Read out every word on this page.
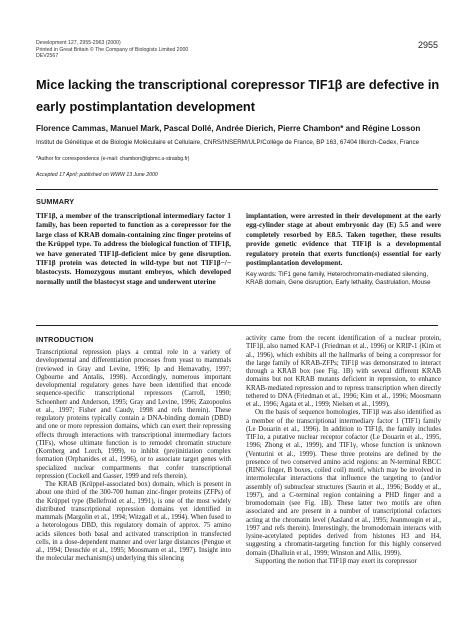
Development 127, 2955-2963 (2000)
Printed in Great Britain © The Company of Biologists Limited 2000
DEV2567
2955
Mice lacking the transcriptional corepressor TIF1β are defective in early postimplantation development
Florence Cammas, Manuel Mark, Pascal Dollé, Andrée Dierich, Pierre Chambon* and Régine Losson
Institut de Génétique et de Biologie Moléculaire et Cellulaire, CNRS/INSERM/ULP/Collège de France, BP 163, 67404 Illkirch-Cedex, France
*Author for correspondence (e-mail: chambon@igbmc.u-strasbg.fr)
Accepted 17 April; published on WWW 13 June 2000
SUMMARY
TIF1β, a member of the transcriptional intermediary factor 1 family, has been reported to function as a corepressor for the large class of KRAB domain-containing zinc finger proteins of the Krüppel type. To address the biological function of TIF1β, we have generated TIF1β-deficient mice by gene disruption. TIF1β protein was detected in wild-type but not TIF1β−/− blastocysts. Homozygous mutant embryos, which developed normally until the blastocyst stage and underwent uterine
implantation, were arrested in their development at the early egg-cylinder stage at about embryonic day (E) 5.5 and were completely resorbed by E8.5. Taken together, these results provide genetic evidence that TIF1β is a developmental regulatory protein that exerts function(s) essential for early postimplantation development.
Key words: TIF1 gene family, Heterochromatin-mediated silencing, KRAB domain, Gene disruption, Early lethality, Gastrulation, Mouse
INTRODUCTION

Transcriptional repression plays a central role in a variety of developmental and differentiation processes from yeast to mammals (reviewed in Gray and Levine, 1996; Ip and Hemavathy, 1997; Ogbourne and Antalis, 1998). Accordingly, numerous important developmental regulatory genes have been identified that encode sequence-specific transcriptional repressors (Carroll, 1990; Schoenherr and Anderson, 1995; Gray and Levine, 1996; Zazopoulos et al., 1997; Fisher and Caudy, 1998 and refs therein). These regulatory proteins typically contain a DNA-binding domain (DBD) and one or more repression domains, which can exert their repressing effects through interactions with transcriptional intermediary factors (TIFs), whose ultimate function is to remodel chromatin structure (Kornberg and Lorch, 1999), to inhibit (pre)initiation complex formation (Orphanides et al., 1996), or to associate target genes with specialized nuclear compartments that confer transcriptional repression (Cockell and Gasser, 1999 and refs therein).

The KRAB (Krüppel-associated box) domain, which is present in about one third of the 300-700 human zinc-finger proteins (ZFPs) of the Krüppel type (Bellefroid et al., 1991), is one of the most widely distributed transcriptional repression domains yet identified in mammals (Margolin et al., 1994; Witzgall et al., 1994). When fused to a heterologous DBD, this regulatory domain of approx. 75 amino acids silences both basal and activated transcription in transfected cells, in a dose-dependent manner and over large distances (Pengue et al., 1994; Deuschle et al., 1995; Moosmann et al., 1997). Insight into the molecular mechanism(s) underlying this silencing

activity came from the recent identification of a nuclear protein, TIF1β, also named KAP-1 (Friedman et al., 1996) or KRIP-1 (Kim et al., 1996), which exhibits all the hallmarks of being a corepressor for the large family of KRAB-ZFPs; TIF1β was demonstrated to interact through a KRAB box (see Fig. 1B) with several different KRAB domains but not KRAB mutants deficient in repression, to enhance KRAB-mediated repression and to repress transcription when directly tethered to DNA (Friedman et al., 1996; Kim et al., 1996; Moosmann et al., 1996; Agata et al., 1999; Nielsen et al., 1999).

On the basis of sequence homologies, TIF1β was also identified as a member of the transcriptional intermediary factor 1 (TIF1) family (Le Douarin et al., 1996). In addition to TIF1β, the family includes TIF1α, a putative nuclear receptor cofactor (Le Douarin et al., 1995, 1996; Zhong et al., 1999), and TIF1γ, whose function is unknown (Venturini et al., 1999). These three proteins are defined by the presence of two conserved amino acid regions: an N-terminal RBCC (RING finger, B boxes, coiled coil) motif, which may be involved in intermolecular interactions that influence the targeting to (and/or assembly of) subnuclear structures (Saurin et al., 1996; Boddy et al., 1997), and a C-terminal region containing a PHD finger and a bromodomain (see Fig. 1B). These latter two motifs are often associated and are present in a number of transcriptional cofactors acting at the chromatin level (Aasland et al., 1995; Jeanmougin et al., 1997 and refs therein). Interestingly, the bromodomain interacts with lysine-acetylated peptides derived from histones H3 and H4, suggesting a chromatin-targeting function for this highly conserved domain (Dhalluin et al., 1999; Winston and Allis, 1999).

Supporting the notion that TIF1β may exert its corepressor
